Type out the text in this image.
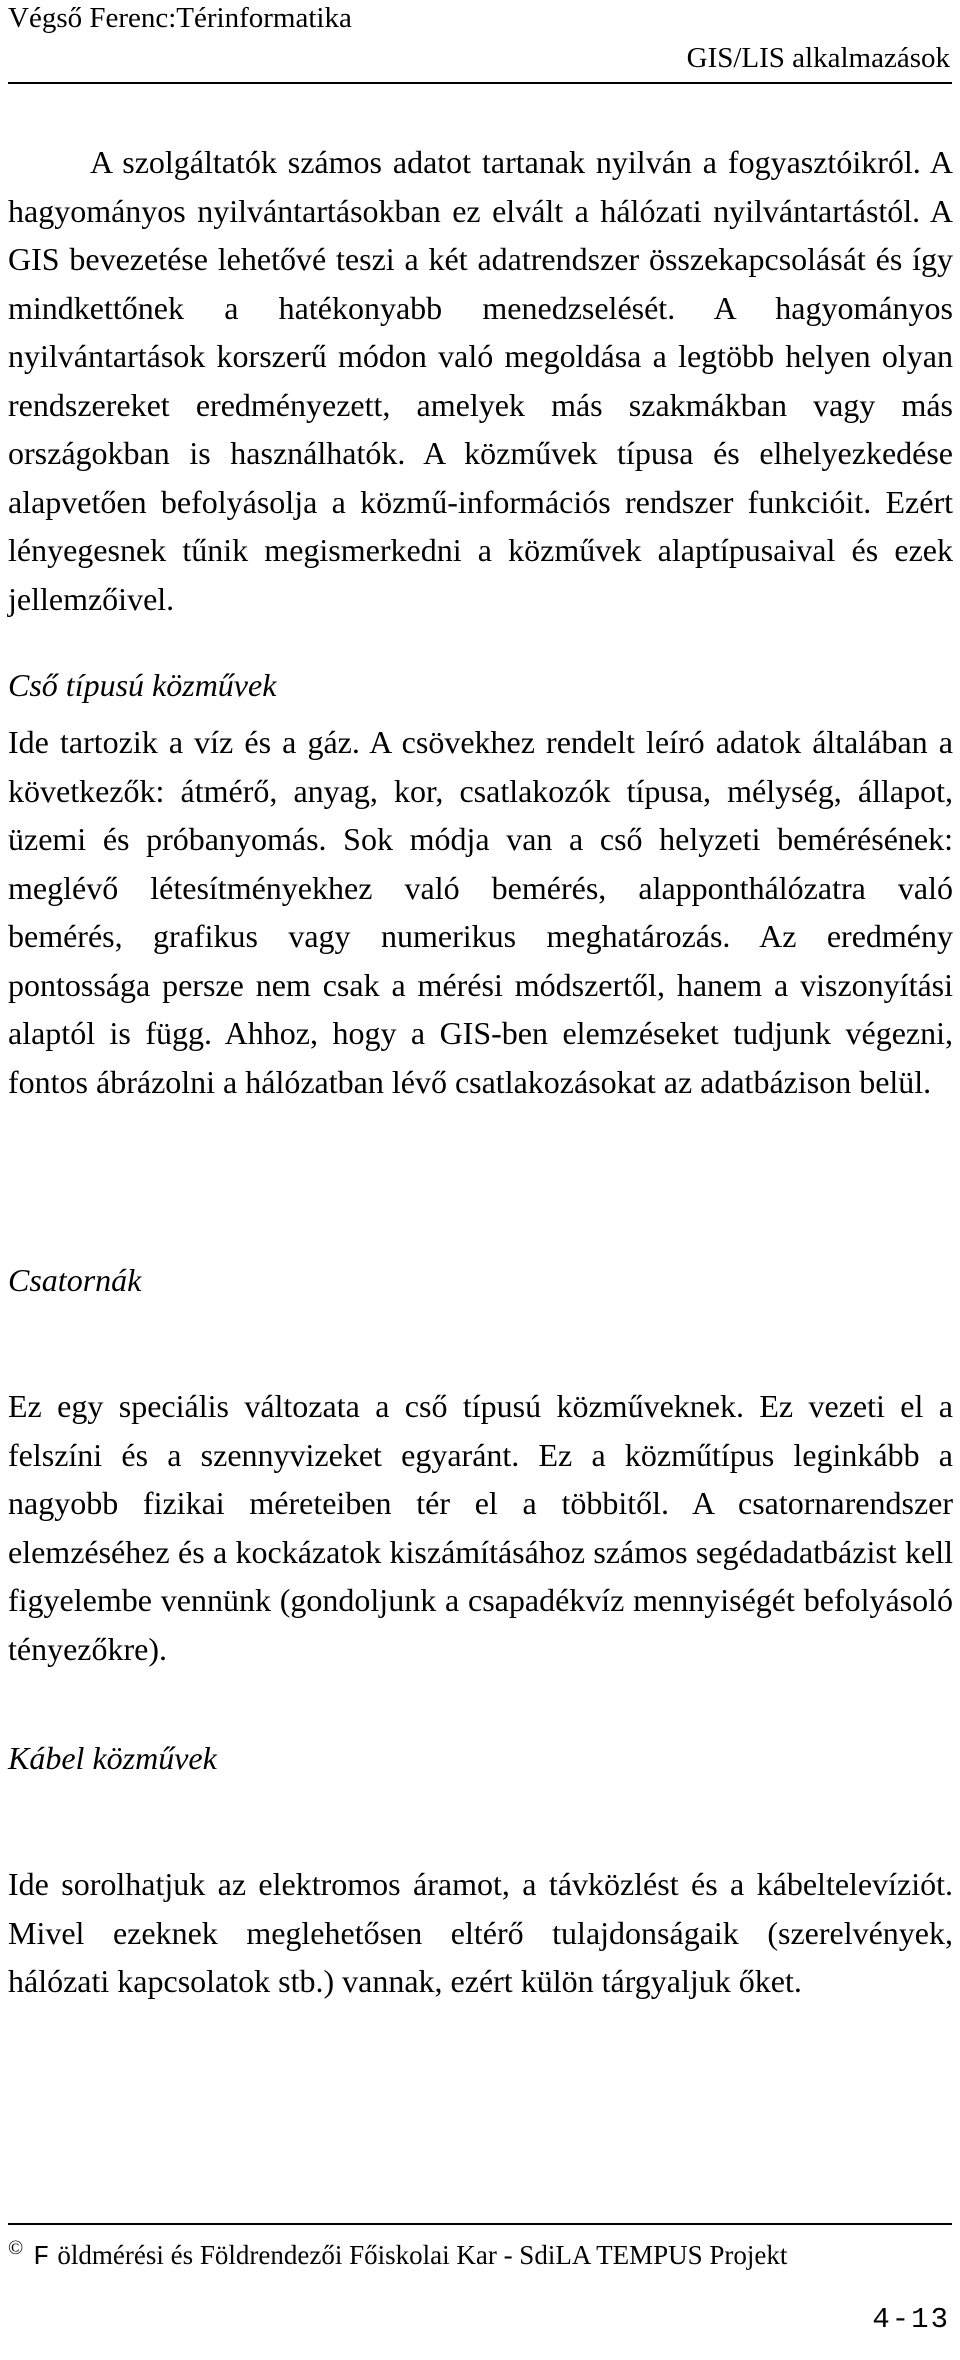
Végső Ferenc:Térinformatika
GIS/LIS alkalmazások

A szolgáltatók számos adatot tartanak nyilván a fogyasztóikról. A hagyományos nyilvántartásokban ez elvált a hálózati nyilvántartástól. A GIS bevezetése lehetővé teszi a két adatrendszer összekapcsolását és így mindkettőnek a hatékonyabb menedzselését. A hagyományos nyilvántartások korszerű módon való megoldása a legtöbb helyen olyan rendszereket eredményezett, amelyek más szakmákban vagy más országokban is használhatók. A közművek típusa és elhelyezkedése alapvetően befolyásolja a közmű-információs rendszer funkcióit. Ezért lényegesnek tűnik megismerkedni a közművek alaptípusaival és ezek jellemzőivel.

Cső típusú közművek

Ide tartozik a víz és a gáz. A csövekhez rendelt leíró adatok általában a következők: átmérő, anyag, kor, csatlakozók típusa, mélység, állapot, üzemi és próbanyomás. Sok módja van a cső helyzeti bemérésének: meglévő létesítményekhez való bemérés, alapponthálózatra való bemérés, grafikus vagy numerikus meghatározás. Az eredmény pontossága persze nem csak a mérési módszertől, hanem a viszonyítási alaptól is függ. Ahhoz, hogy a GIS-ben elemzéseket tudjunk végezni, fontos ábrázolni a hálózatban lévő csatlakozásokat az adatbázison belül.

Csatornák

Ez egy speciális változata a cső típusú közműveknek. Ez vezeti el a felszíni és a szennyvizeket egyaránt. Ez a közműtípus leginkább a nagyobb fizikai méreteiben tér el a többitől. A csatornarendszer elemzéséhez és a kockázatok kiszámításához számos segédadatbázist kell figyelembe vennünk (gondoljunk a csapadékvíz mennyiségét befolyásoló tényezőkre).

Kábel közművek

Ide sorolhatjuk az elektromos áramot, a távközlést és a kábeltelevíziót. Mivel ezeknek meglehetősen eltérő tulajdonságaik (szerelvények, hálózati kapcsolatok stb.) vannak, ezért külön tárgyaljuk őket.

© F öldmérési és Földrendezői Főiskolai Kar - SdiLA TEMPUS Projekt
4-13
